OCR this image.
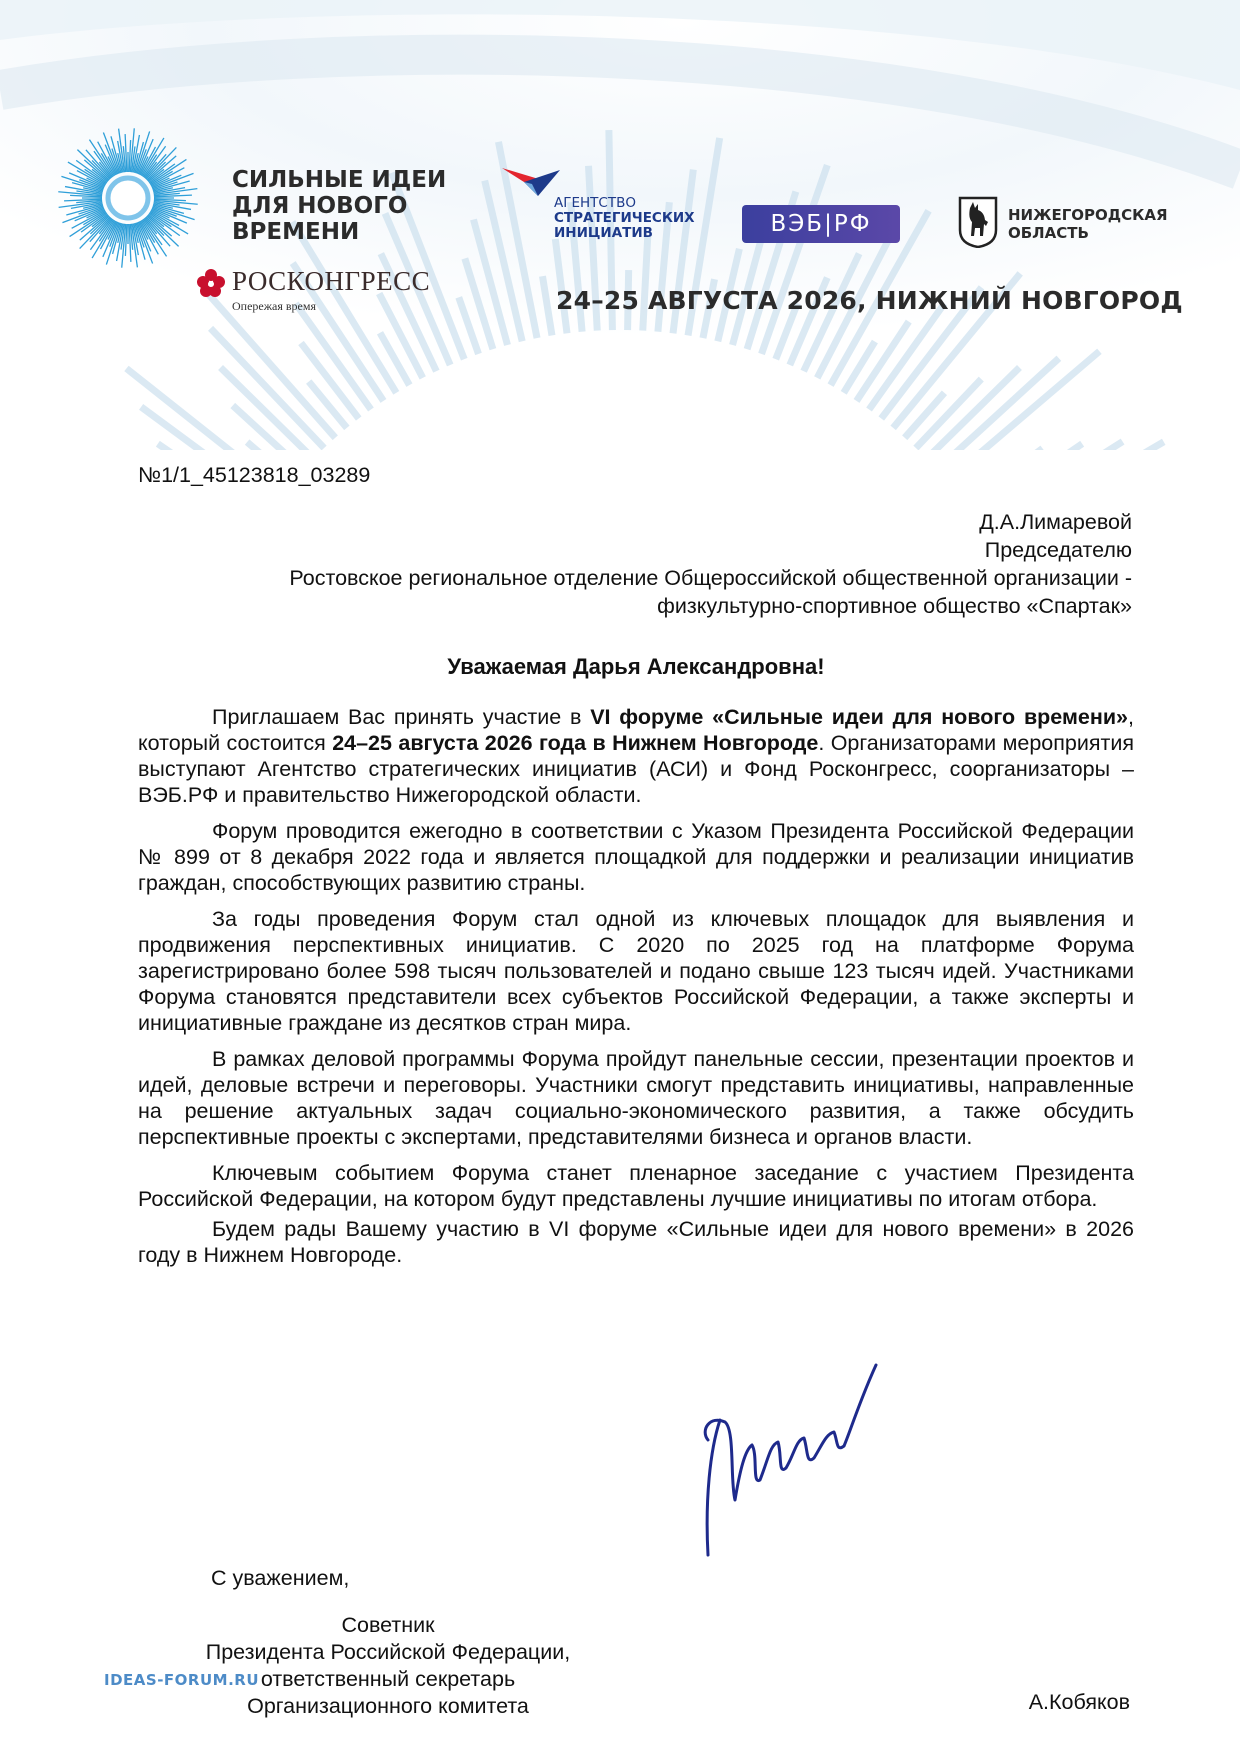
СИЛЬНЫЕ ИДЕИ
ДЛЯ НОВОГО
ВРЕМЕНИ
РОСКОНГРЕСС
Опережая время
АГЕНТСТВО
СТРАТЕГИЧЕСКИХ
ИНИЦИАТИВ	ВЭБ|РФ	НИЖЕГОРОДСКАЯ
ОБЛАСТЬ
24–25 АВГУСТА 2026, НИЖНИЙ НОВГОРОД
№1/1_45123818_03289
Д.А.Лимаревой
Председателю
Ростовское региональное отделение Общероссийской общественной организации -
физкультурно-спортивное общество «Спартак»
Уважаемая Дарья Александровна!

Приглашаем Вас принять участие в VI форуме «Сильные идеи для нового времени», который состоится 24–25 августа 2026 года в Нижнем Новгороде. Организаторами мероприятия выступают Агентство стратегических инициатив (АСИ) и Фонд Росконгресс, соорганизаторы – ВЭБ.РФ и правительство Нижегородской области.

Форум проводится ежегодно в соответствии с Указом Президента Российской Федерации № 899 от 8 декабря 2022 года и является площадкой для поддержки и реализации инициатив граждан, способствующих развитию страны.

За годы проведения Форум стал одной из ключевых площадок для выявления и продвижения перспективных инициатив. С 2020 по 2025 год на платформе Форума зарегистрировано более 598 тысяч пользователей и подано свыше 123 тысяч идей. Участниками Форума становятся представители всех субъектов Российской Федерации, а также эксперты и инициативные граждане из десятков стран мира.

В рамках деловой программы Форума пройдут панельные сессии, презентации проектов и идей, деловые встречи и переговоры. Участники смогут представить инициативы, направленные на решение актуальных задач социально-экономического развития, а также обсудить перспективные проекты с экспертами, представителями бизнеса и органов власти.

Ключевым событием Форума станет пленарное заседание с участием Президента Российской Федерации, на котором будут представлены лучшие инициативы по итогам отбора.

Будем рады Вашему участию в VI форуме «Сильные идеи для нового времени» в 2026 году в Нижнем Новгороде.

С уважением,
Советник
Президента Российской Федерации,
ответственный секретарь
Организационного комитета
IDEAS-FORUM.RU
А.Кобяков
